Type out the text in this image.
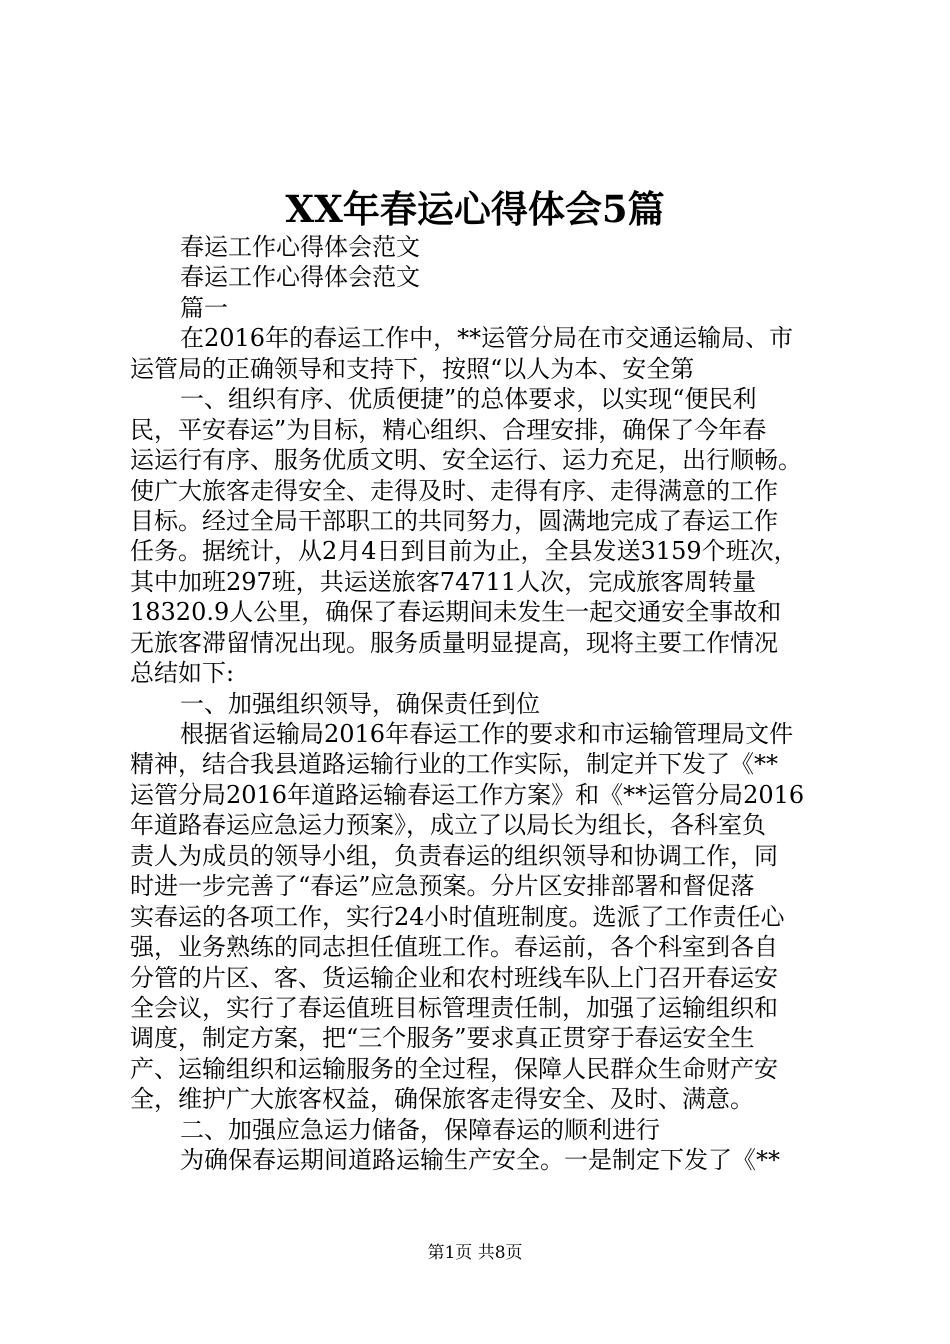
XX年春运心得体会5篇
春运工作心得体会范文
春运工作心得体会范文
篇一
在2016年的春运工作中，**运管分局在市交通运输局、市
运管局的正确领导和支持下，按照“以人为本、安全第
一、组织有序、优质便捷”的总体要求，以实现“便民利
民，平安春运”为目标，精心组织、合理安排，确保了今年春
运运行有序、服务优质文明、安全运行、运力充足，出行顺畅。
使广大旅客走得安全、走得及时、走得有序、走得满意的工作
目标。经过全局干部职工的共同努力，圆满地完成了春运工作
任务。据统计，从2月4日到目前为止，全县发送3159个班次，
其中加班297班，共运送旅客74711人次，完成旅客周转量
18320.9人公里，确保了春运期间未发生一起交通安全事故和
无旅客滞留情况出现。服务质量明显提高，现将主要工作情况
总结如下:
一、加强组织领导，确保责任到位
根据省运输局2016年春运工作的要求和市运输管理局文件
精神，结合我县道路运输行业的工作实际，制定并下发了《**
运管分局2016年道路运输春运工作方案》和《**运管分局2016
年道路春运应急运力预案》，成立了以局长为组长，各科室负
责人为成员的领导小组，负责春运的组织领导和协调工作，同
时进一步完善了“春运”应急预案。分片区安排部署和督促落
实春运的各项工作，实行24小时值班制度。选派了工作责任心
强，业务熟练的同志担任值班工作。春运前，各个科室到各自
分管的片区、客、货运输企业和农村班线车队上门召开春运安
全会议，实行了春运值班目标管理责任制，加强了运输组织和
调度，制定方案，把“三个服务”要求真正贯穿于春运安全生
产、运输组织和运输服务的全过程，保障人民群众生命财产安
全，维护广大旅客权益，确保旅客走得安全、及时、满意。
二、加强应急运力储备，保障春运的顺利进行
为确保春运期间道路运输生产安全。一是制定下发了《**
第1页 共8页
